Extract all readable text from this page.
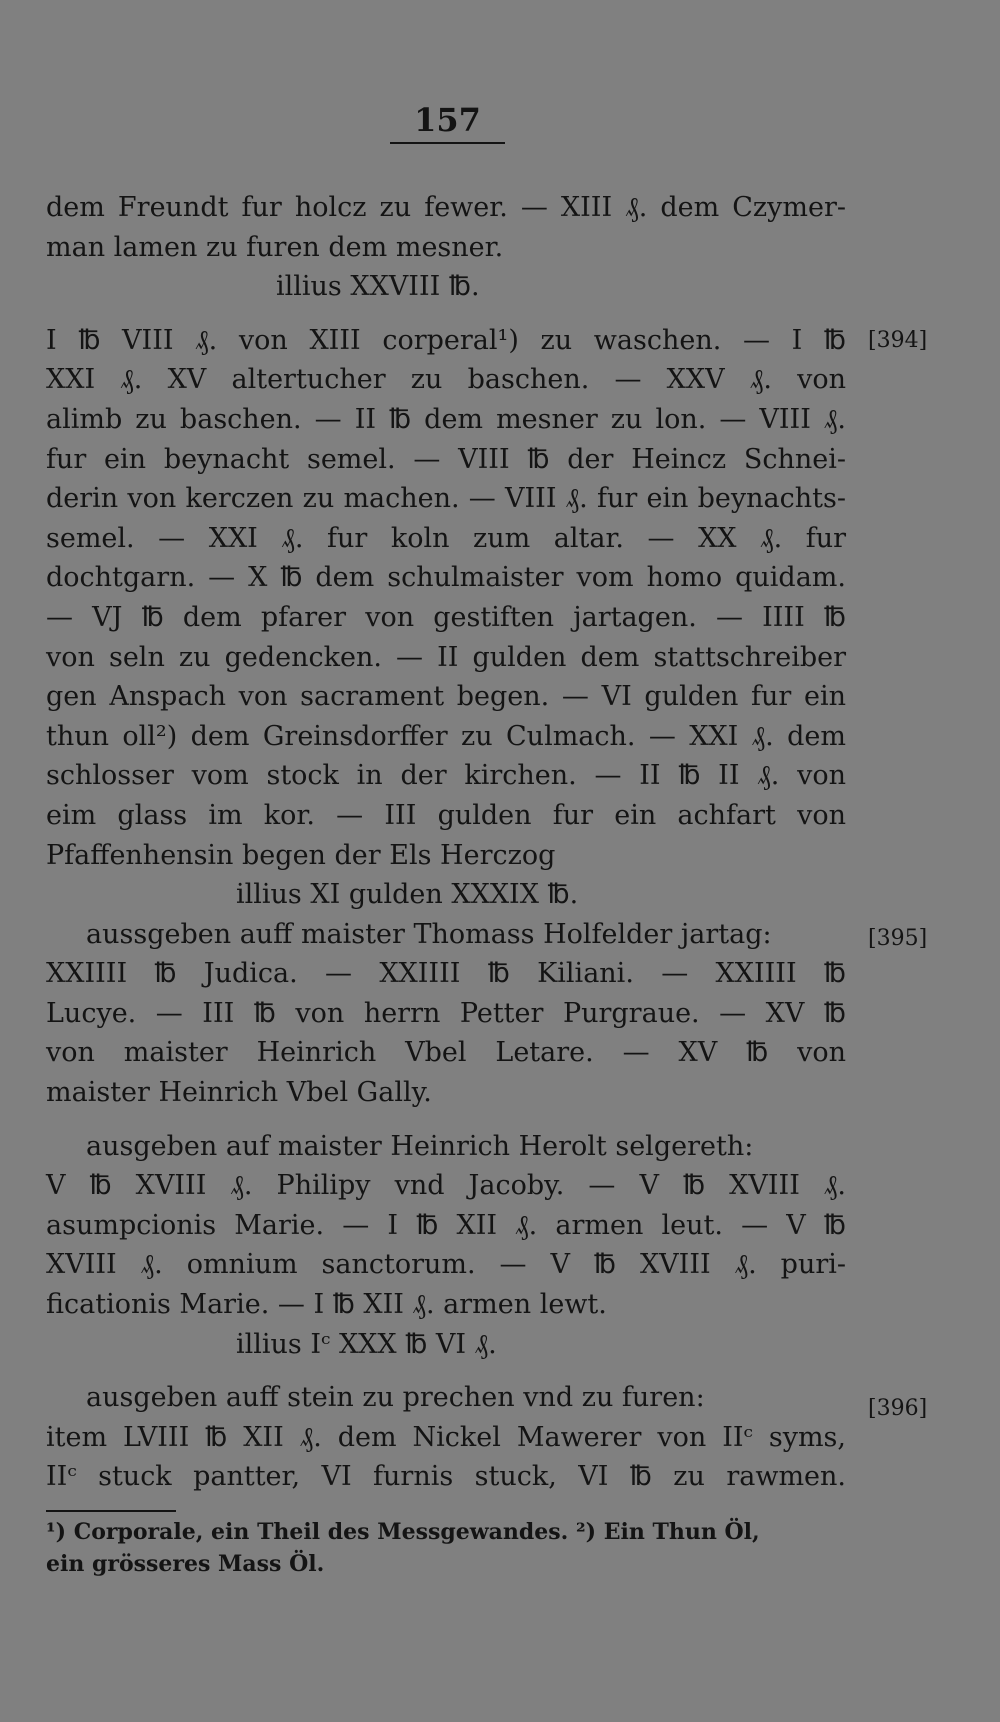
157
dem Freundt fur holcz zu fewer. — XIII ₰. dem Czymer-
man lamen zu furen dem mesner.
illius XXVIII ℔.
I ℔ VIII ₰. von XIII corperal¹) zu waschen. — I ℔
XXI ₰. XV altertucher zu baschen. — XXV ₰. von
alimb zu baschen. — II ℔ dem mesner zu lon. — VIII ₰.
fur ein beynacht semel. — VIII ℔ der Heincz Schnei-
derin von kerczen zu machen. — VIII ₰. fur ein beynachts-
semel. — XXI ₰. fur koln zum altar. — XX ₰. fur
dochtgarn. — X ℔ dem schulmaister vom homo quidam.
— VJ ℔ dem pfarer von gestiften jartagen. — IIII ℔
von seln zu gedencken. — II gulden dem stattschreiber
gen Anspach von sacrament begen. — VI gulden fur ein
thun oll²) dem Greinsdorffer zu Culmach. — XXI ₰. dem
schlosser vom stock in der kirchen. — II ℔ II ₰. von
eim glass im kor. — III gulden fur ein achfart von
Pfaffenhensin begen der Els Herczog
illius XI gulden XXXIX ℔.
aussgeben auff maister Thomass Holfelder jartag:
XXIIII ℔ Judica. — XXIIII ℔ Kiliani. — XXIIII ℔
Lucye. — III ℔ von herrn Petter Purgraue. — XV ℔
von maister Heinrich Vbel Letare. — XV ℔ von
maister Heinrich Vbel Gally.
ausgeben auf maister Heinrich Herolt selgereth:
V ℔ XVIII ₰. Philipy vnd Jacoby. — V ℔ XVIII ₰.
asumpcionis Marie. — I ℔ XII ₰. armen leut. — V ℔
XVIII ₰. omnium sanctorum. — V ℔ XVIII ₰. puri-
ficationis Marie. — I ℔ XII ₰. armen lewt.
illius Iᶜ XXX ℔ VI ₰.
ausgeben auff stein zu prechen vnd zu furen:
item LVIII ℔ XII ₰. dem Nickel Mawerer von IIᶜ syms,
IIᶜ stuck pantter, VI furnis stuck, VI ℔ zu rawmen.
[394]
[395]
[396]
¹) Corporale, ein Theil des Messgewandes. ²) Ein Thun Öl,
ein grösseres Mass Öl.
